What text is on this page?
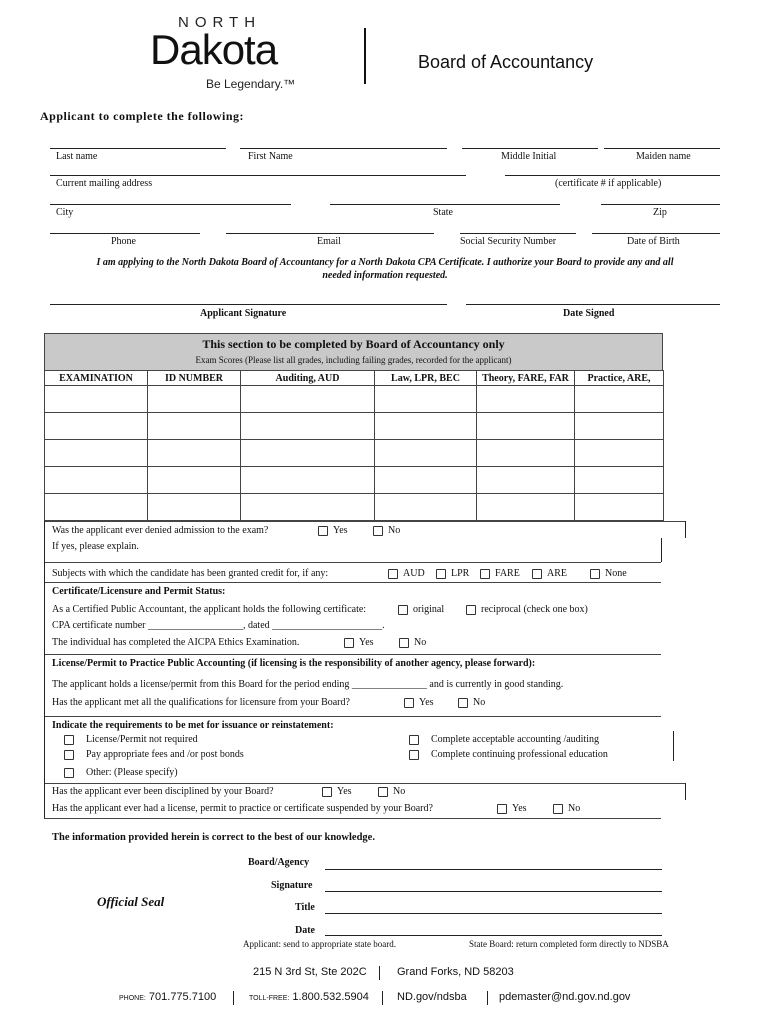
NORTH
Dakota
Be Legendary.™
Board of Accountancy
Applicant to complete the following:
Last name	First Name	Middle Initial	Maiden name
Current mailing address	(certificate # if applicable)
City	State	Zip
Phone	Email	Social Security Number	Date of Birth
I am applying to the North Dakota Board of Accountancy for a North Dakota CPA Certificate. I authorize your Board to provide any and all needed information requested.
Applicant Signature	Date Signed
This section to be completed by Board of Accountancy only
Exam Scores (Please list all grades, including failing grades, recorded for the applicant)
EXAMINATION	ID NUMBER	Auditing, AUD	Law, LPR, BEC	Theory, FARE, FAR	Practice, ARE,

Was the applicant ever denied admission to the exam?	Yes	No
If yes, please explain.
Subjects with which the candidate has been granted credit for, if any:	AUD	LPR	FARE	ARE	None
Certificate/Licensure and Permit Status:
As a Certified Public Accountant, the applicant holds the following certificate:	original	reciprocal (check one box)
CPA certificate number ___________________, dated ______________________.
The individual has completed the AICPA Ethics Examination.	Yes	No
License/Permit to Practice Public Accounting (if licensing is the responsibility of another agency, please forward):
The applicant holds a license/permit from this Board for the period ending _______________ and is currently in good standing.
Has the applicant met all the qualifications for licensure from your Board?	Yes	No
Indicate the requirements to be met for issuance or reinstatement:
License/Permit not required
Pay appropriate fees and /or post bonds
Other: (Please specify)
Complete acceptable accounting /auditing
Complete continuing professional education
Has the applicant ever been disciplined by your Board?	Yes	No
Has the applicant ever had a license, permit to practice or certificate suspended by your Board?	Yes	No
The information provided herein is correct to the best of our knowledge.
Board/Agency
Signature
Title
Date
Official Seal
Applicant: send to appropriate state board.	State Board: return completed form directly to NDSBA
215 N 3rd St, Ste 202C	Grand Forks, ND 58203
PHONE: 701.775.7100	TOLL-FREE: 1.800.532.5904	ND.gov/ndsba	pdemaster@nd.gov.nd.gov
